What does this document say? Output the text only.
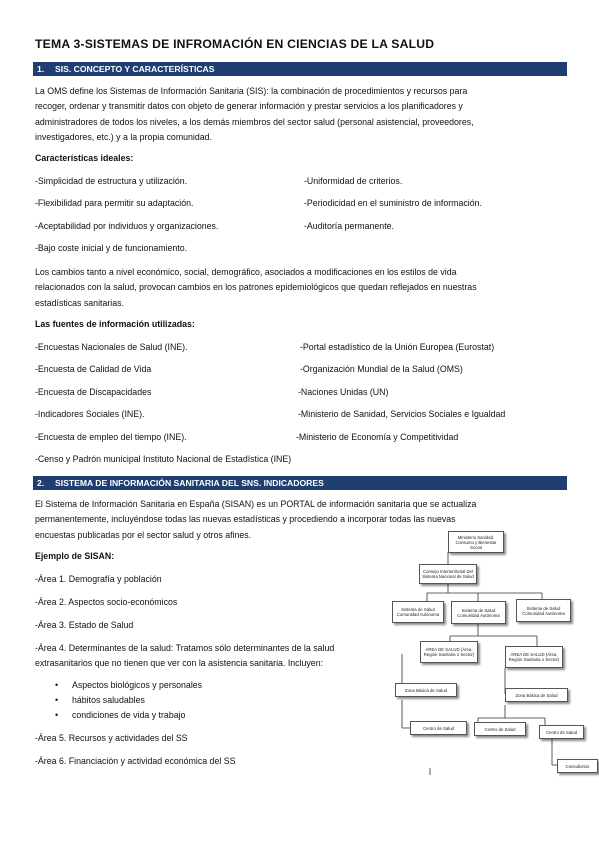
TEMA 3-SISTEMAS DE INFROMACIÓN EN CIENCIAS DE LA SALUD
1. SIS. CONCEPTO Y CARACTERÍSTICAS
La OMS define los Sistemas de Información Sanitaria (SIS): la combinación de procedimientos y recursos para
recoger, ordenar y transmitir datos con objeto de generar información y prestar servicios a los planificadores y
administradores de todos los niveles, a los demás miembros del sector salud (personal asistencial, proveedores,
investigadores, etc.) y a la propia comunidad.
Características ideales:
-Simplicidad de estructura y utilización.
-Flexibilidad para permitir su adaptación.
-Aceptabilidad por individuos y organizaciones.
-Bajo coste inicial y de funcionamiento.
-Uniformidad de criterios.
-Periodicidad en el suministro de información.
-Auditoría permanente.
Los cambios tanto a nivel económico, social, demográfico, asociados a modificaciones en los estilos de vida
relacionados con la salud, provocan cambios en los patrones epidemiológicos que quedan reflejados en nuestras
estadísticas sanitarias.
Las fuentes de información utilizadas:
-Encuestas Nacionales de Salud (INE).
-Encuesta de Calidad de Vida
-Encuesta de Discapacidades
-Indicadores Sociales (INE).
-Encuesta de empleo del tiempo (INE).
-Censo y Padrón municipal Instituto Nacional de Estadística (INE)
-Portal estadístico de la Unión Europea (Eurostat)
-Organización Mundial de la Salud (OMS)
-Naciones Unidas (UN)
-Ministerio de Sanidad, Servicios Sociales e Igualdad
-Ministerio de Economía y Competitividad
2. SISTEMA DE INFORMACIÓN SANITARIA DEL SNS. INDICADORES
El Sistema de Información Sanitaria en España (SISAN) es un PORTAL de información sanitaria que se actualiza
permanentemente, incluyéndose todas las nuevas estadísticas y procediendo a incorporar todas las nuevas
encuestas publicadas por el sector salud y otros afines.
Ejemplo de SISAN:
-Área 1. Demografía y población
-Área 2. Aspectos socio-económicos
-Área 3. Estado de Salud
-Área 4. Determinantes de la salud: Tratamos sólo determinantes de la salud
extrasanitarios que no tienen que ver con la asistencia sanitaria. Incluyen:
• Aspectos biológicos y personales
• hábitos saludables
• condiciones de vida y trabajo
-Área 5. Recursos y actividades del SS
-Área 6. Financiación y actividad económica del SS
Ministerio Sanidad, Consumo y Bienestar Social
Consejo Interterritorial Del Sistema Nacional de Salud
Sistema de Salud Comunidad Autónoma
Sistema de Salud Comunidad Autónoma
Sistema de Salud Comunidad Autónoma
ÁREA DE SALUD (Área, Región Sanitaria o Sector)	ÁREA DE SALUD (Área, Región Sanitaria o Sector)
Zona Básica de Salud
Zona Básica de Salud
Centro de Salud	Centro de Salud
Centro de Salud
Consultorios
